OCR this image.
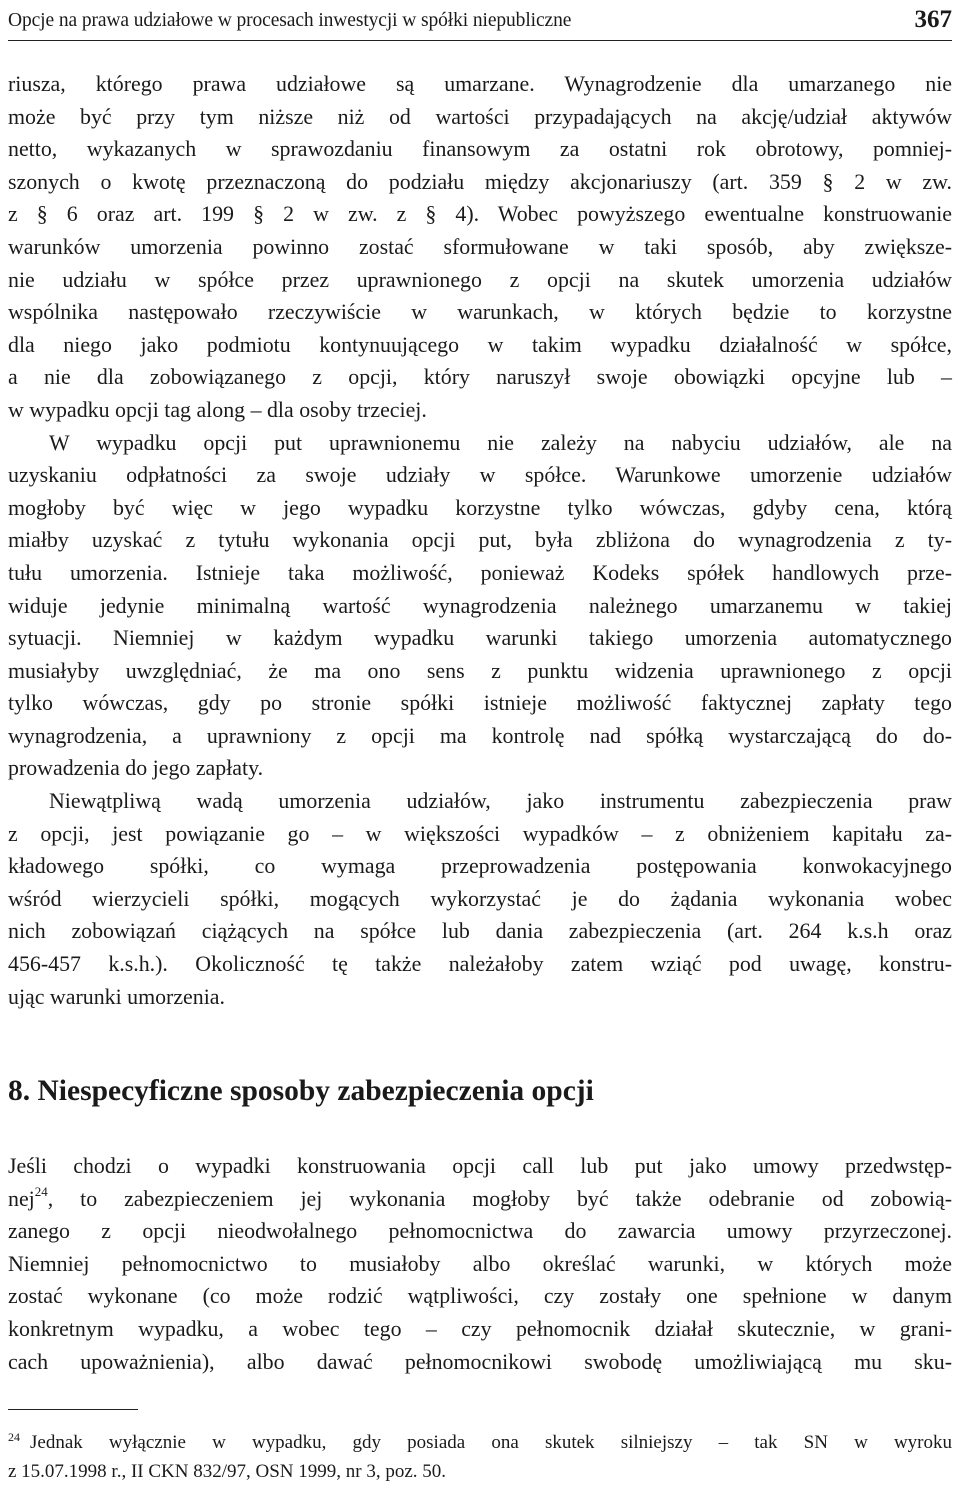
Opcje na prawa udziałowe w procesach inwestycji w spółki niepubliczne	367
riusza, którego prawa udziałowe są umarzane. Wynagrodzenie dla umarzanego nie
może być przy tym niższe niż od wartości przypadających na akcję/udział aktywów
netto, wykazanych w sprawozdaniu finansowym za ostatni rok obrotowy, pomniej-
szonych o kwotę przeznaczoną do podziału między akcjonariuszy (art. 359 § 2 w zw.
z § 6 oraz art. 199 § 2 w zw. z § 4). Wobec powyższego ewentualne konstruowanie
warunków umorzenia powinno zostać sformułowane w taki sposób, aby zwiększe-
nie udziału w spółce przez uprawnionego z opcji na skutek umorzenia udziałów
wspólnika następowało rzeczywiście w warunkach, w których będzie to korzystne
dla niego jako podmiotu kontynuującego w takim wypadku działalność w spółce,
a nie dla zobowiązanego z opcji, który naruszył swoje obowiązki opcyjne lub –
w wypadku opcji tag along – dla osoby trzeciej.
W wypadku opcji put uprawnionemu nie zależy na nabyciu udziałów, ale na
uzyskaniu odpłatności za swoje udziały w spółce. Warunkowe umorzenie udziałów
mogłoby być więc w jego wypadku korzystne tylko wówczas, gdyby cena, którą
miałby uzyskać z tytułu wykonania opcji put, była zbliżona do wynagrodzenia z ty-
tułu umorzenia. Istnieje taka możliwość, ponieważ Kodeks spółek handlowych prze-
widuje jedynie minimalną wartość wynagrodzenia należnego umarzanemu w takiej
sytuacji. Niemniej w każdym wypadku warunki takiego umorzenia automatycznego
musiałyby uwzględniać, że ma ono sens z punktu widzenia uprawnionego z opcji
tylko wówczas, gdy po stronie spółki istnieje możliwość faktycznej zapłaty tego
wynagrodzenia, a uprawniony z opcji ma kontrolę nad spółką wystarczającą do do-
prowadzenia do jego zapłaty.
Niewątpliwą wadą umorzenia udziałów, jako instrumentu zabezpieczenia praw
z opcji, jest powiązanie go – w większości wypadków – z obniżeniem kapitału za-
kładowego spółki, co wymaga przeprowadzenia postępowania konwokacyjnego
wśród wierzycieli spółki, mogących wykorzystać je do żądania wykonania wobec
nich zobowiązań ciążących na spółce lub dania zabezpieczenia (art. 264 k.s.h oraz
456-457 k.s.h.). Okoliczność tę także należałoby zatem wziąć pod uwagę, konstru-
ując warunki umorzenia.
8. Niespecyficzne sposoby zabezpieczenia opcji
Jeśli chodzi o wypadki konstruowania opcji call lub put jako umowy przedwstęp-
nej$^{24}$, to zabezpieczeniem jej wykonania mogłoby być także odebranie od zobowią-
zanego z opcji nieodwołalnego pełnomocnictwa do zawarcia umowy przyrzeczonej.
Niemniej pełnomocnictwo to musiałoby albo określać warunki, w których może
zostać wykonane (co może rodzić wątpliwości, czy zostały one spełnione w danym
konkretnym wypadku, a wobec tego – czy pełnomocnik działał skutecznie, w grani-
cach upoważnienia), albo dawać pełnomocnikowi swobodę umożliwiającą mu sku-
$^{24}$ Jednak wyłącznie w wypadku, gdy posiada ona skutek silniejszy – tak SN w wyroku
z 15.07.1998 r., II CKN 832/97, OSN 1999, nr 3, poz. 50.
